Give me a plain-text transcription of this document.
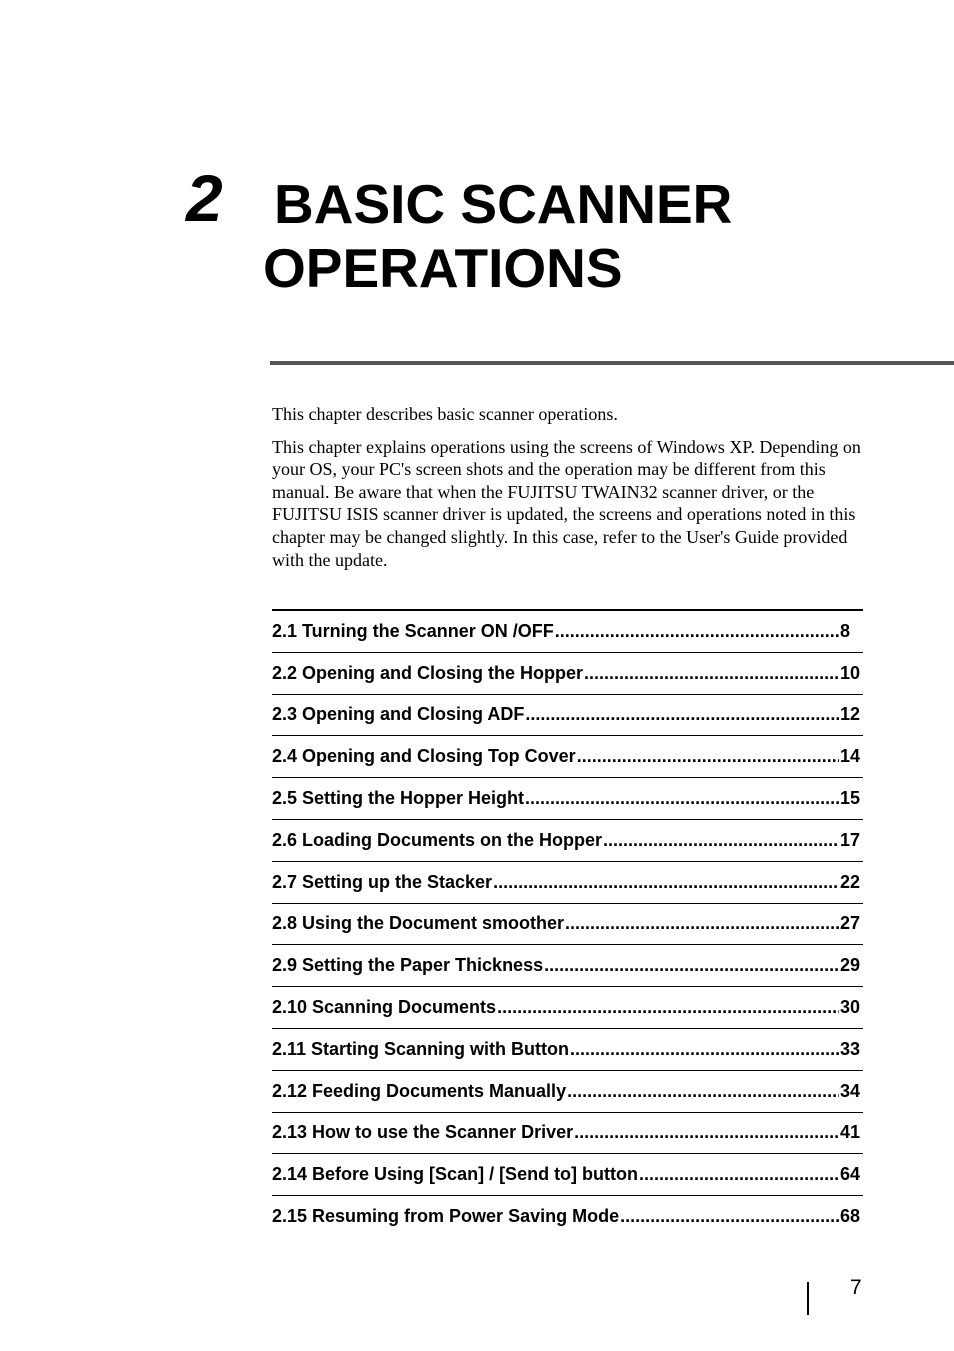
2 BASIC SCANNER
OPERATIONS

This chapter describes basic scanner operations.

This chapter explains operations using the screens of Windows XP. Depending on your OS, your PC's screen shots and the operation may be different from this manual. Be aware that when the FUJITSU TWAIN32 scanner driver, or the FUJITSU ISIS scanner driver is updated, the screens and operations noted in this chapter may be changed slightly. In this case, refer to the User's Guide provided with the update.

2.1 Turning the Scanner ON /OFF .....	8
2.2 Opening and Closing the Hopper .....	10
2.3 Opening and Closing ADF .....	12
2.4 Opening and Closing Top Cover .....	14
2.5 Setting the Hopper Height .....	15
2.6 Loading Documents on the Hopper .....	17
2.7 Setting up the Stacker .....	22
2.8 Using the Document smoother .....	27
2.9 Setting the Paper Thickness .....	29
2.10 Scanning Documents .....	30
2.11 Starting Scanning with Button .....	33
2.12 Feeding Documents Manually .....	34
2.13 How to use the Scanner Driver .....	41
2.14 Before Using [Scan] / [Send to] button .....	64
2.15 Resuming from Power Saving Mode .....	68
7
